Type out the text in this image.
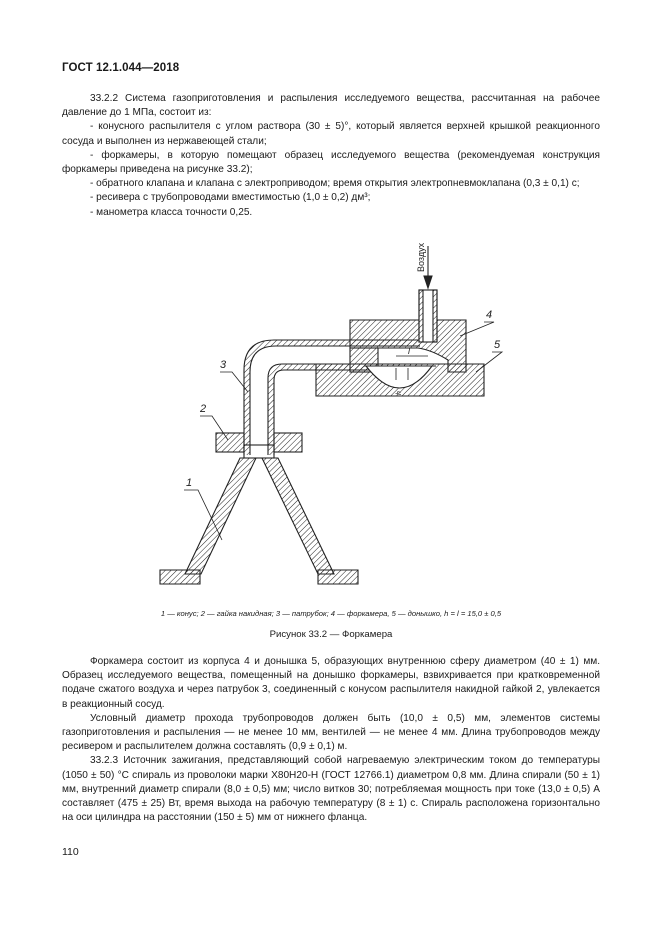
ГОСТ 12.1.044—2018

33.2.2 Система газоприготовления и распыления исследуемого вещества, рассчитанная на рабочее давление до 1 МПа, состоит из:

- конусного распылителя с углом раствора (30 ± 5)°, который является верхней крышкой реакционного сосуда и выполнен из нержавеющей стали;

- форкамеры, в которую помещают образец исследуемого вещества (рекомендуемая конструкция форкамеры приведена на рисунке 33.2);

- обратного клапана и клапана с электроприводом; время открытия электропневмоклапана (0,3 ± 0,1) с;

- ресивера с трубопроводами вместимостью (1,0 ± 0,2) дм³;

- манометра класса точности 0,25.

Воздух
l
h
1
2
3
4
5
1 — конус; 2 — гайка накидная; 3 — патрубок; 4 — форкамера, 5 — донышко, h = l = 15,0 ± 0,5
Рисунок 33.2 — Форкамера

Форкамера состоит из корпуса 4 и донышка 5, образующих внутреннюю сферу диаметром (40 ± 1) мм. Образец исследуемого вещества, помещенный на донышко форкамеры, взвихривается при кратковременной подаче сжатого воздуха и через патрубок 3, соединенный с конусом распылителя накидной гайкой 2, увлекается в реакционный сосуд.

Условный диаметр прохода трубопроводов должен быть (10,0 ± 0,5) мм, элементов системы газоприготовления и распыления — не менее 10 мм, вентилей — не менее 4 мм. Длина трубопроводов между ресивером и распылителем должна составлять (0,9 ± 0,1) м.

33.2.3 Источник зажигания, представляющий собой нагреваемую электрическим током до температуры (1050 ± 50) °С спираль из проволоки марки Х80Н20-Н (ГОСТ 12766.1) диаметром 0,8 мм. Длина спирали (50 ± 1) мм, внутренний диаметр спирали (8,0 ± 0,5) мм; число витков 30; потребляемая мощность при токе (13,0 ± 0,5) А составляет (475 ± 25) Вт, время выхода на рабочую температуру (8 ± 1) с. Спираль расположена горизонтально на оси цилиндра на расстоянии (150 ± 5) мм от нижнего фланца.

110
